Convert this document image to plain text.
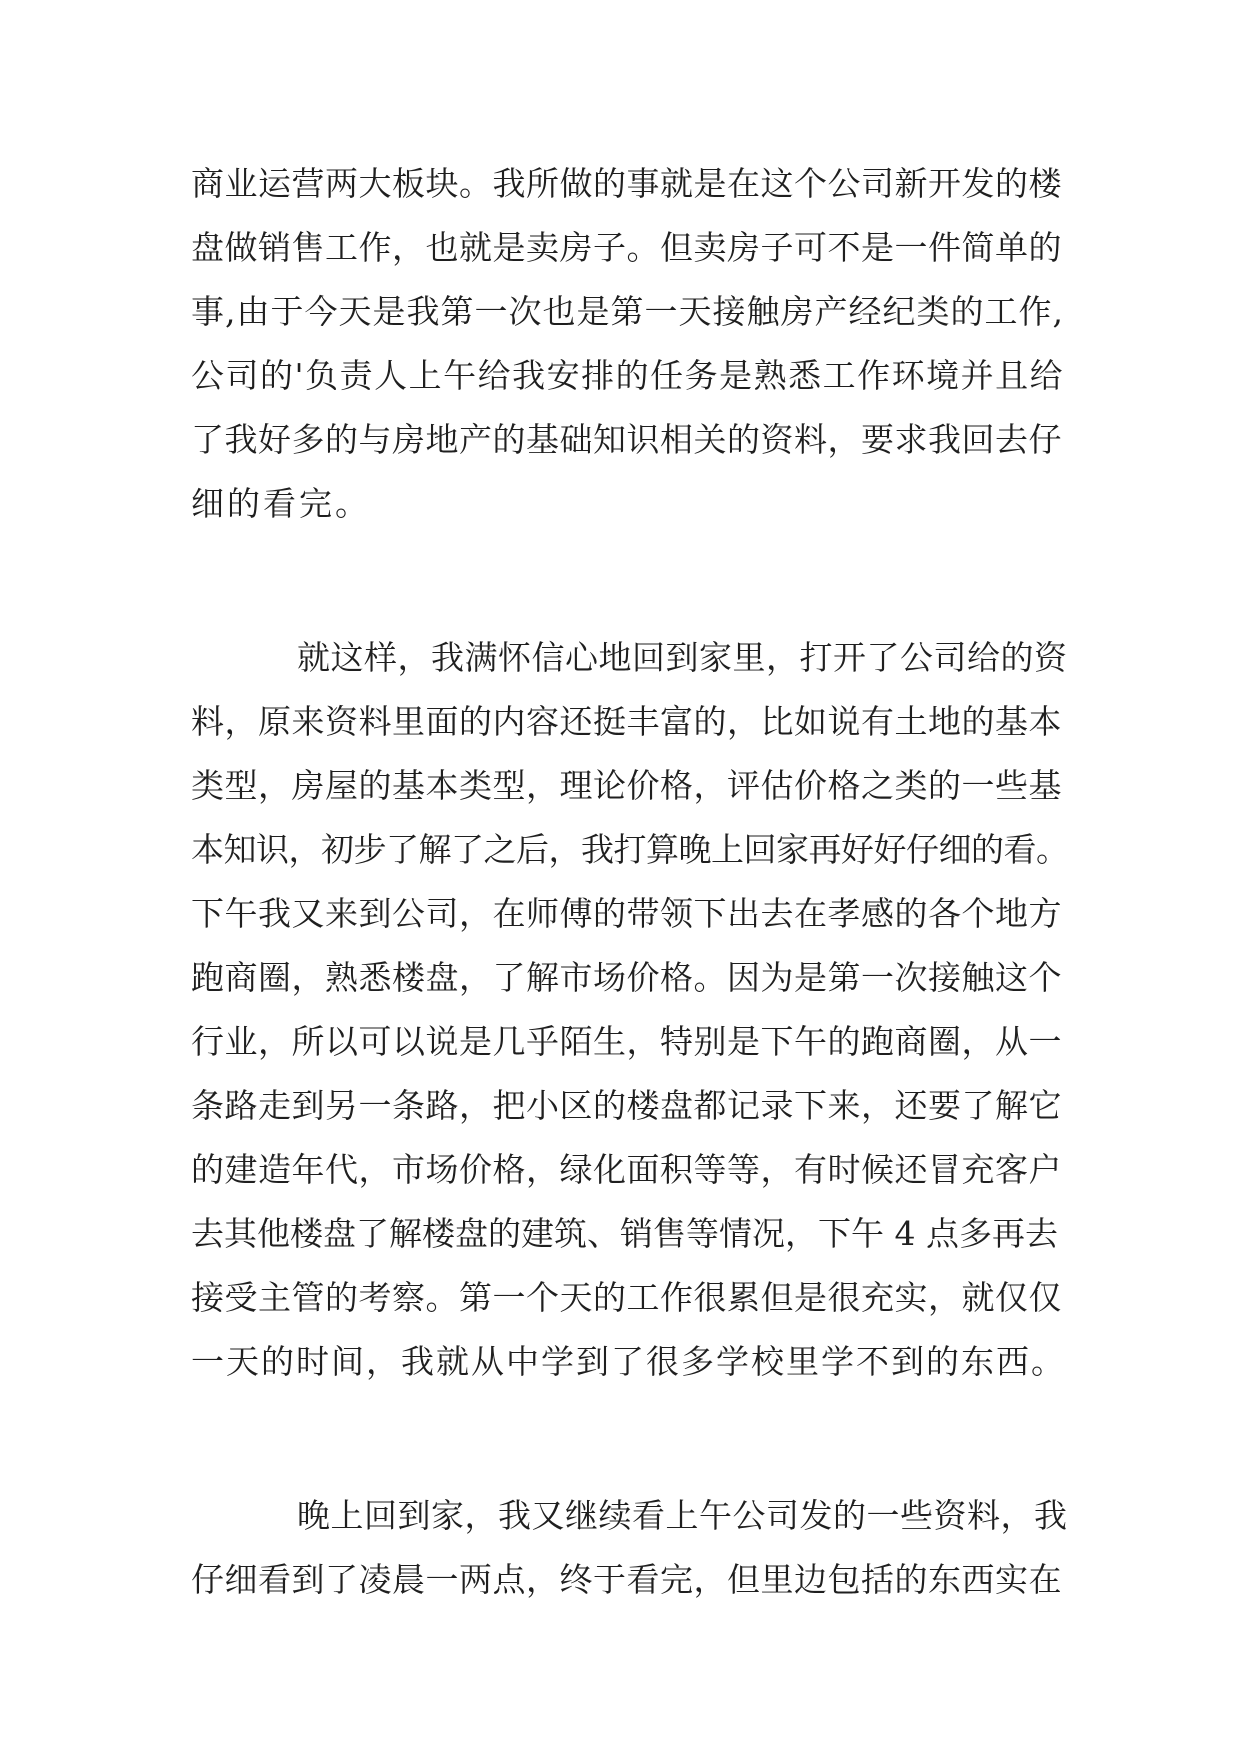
商业运营两大板块。我所做的事就是在这个公司新开发的楼
盘做销售工作，也就是卖房子。但卖房子可不是一件简单的
事,由于今天是我第一次也是第一天接触房产经纪类的工作,
公司的'负责人上午给我安排的任务是熟悉工作环境并且给
了我好多的与房地产的基础知识相关的资料，要求我回去仔
细的看完。
就这样，我满怀信心地回到家里，打开了公司给的资
料，原来资料里面的内容还挺丰富的，比如说有土地的基本
类型，房屋的基本类型，理论价格，评估价格之类的一些基
本知识，初步了解了之后，我打算晚上回家再好好仔细的看。
下午我又来到公司，在师傅的带领下出去在孝感的各个地方
跑商圈，熟悉楼盘，了解市场价格。因为是第一次接触这个
行业，所以可以说是几乎陌生，特别是下午的跑商圈，从一
条路走到另一条路，把小区的楼盘都记录下来，还要了解它
的建造年代，市场价格，绿化面积等等，有时候还冒充客户
去其他楼盘了解楼盘的建筑、销售等情况，下午 4 点多再去
接受主管的考察。第一个天的工作很累但是很充实，就仅仅
一天的时间，我就从中学到了很多学校里学不到的东西。
晚上回到家，我又继续看上午公司发的一些资料，我
仔细看到了凌晨一两点，终于看完，但里边包括的东西实在
